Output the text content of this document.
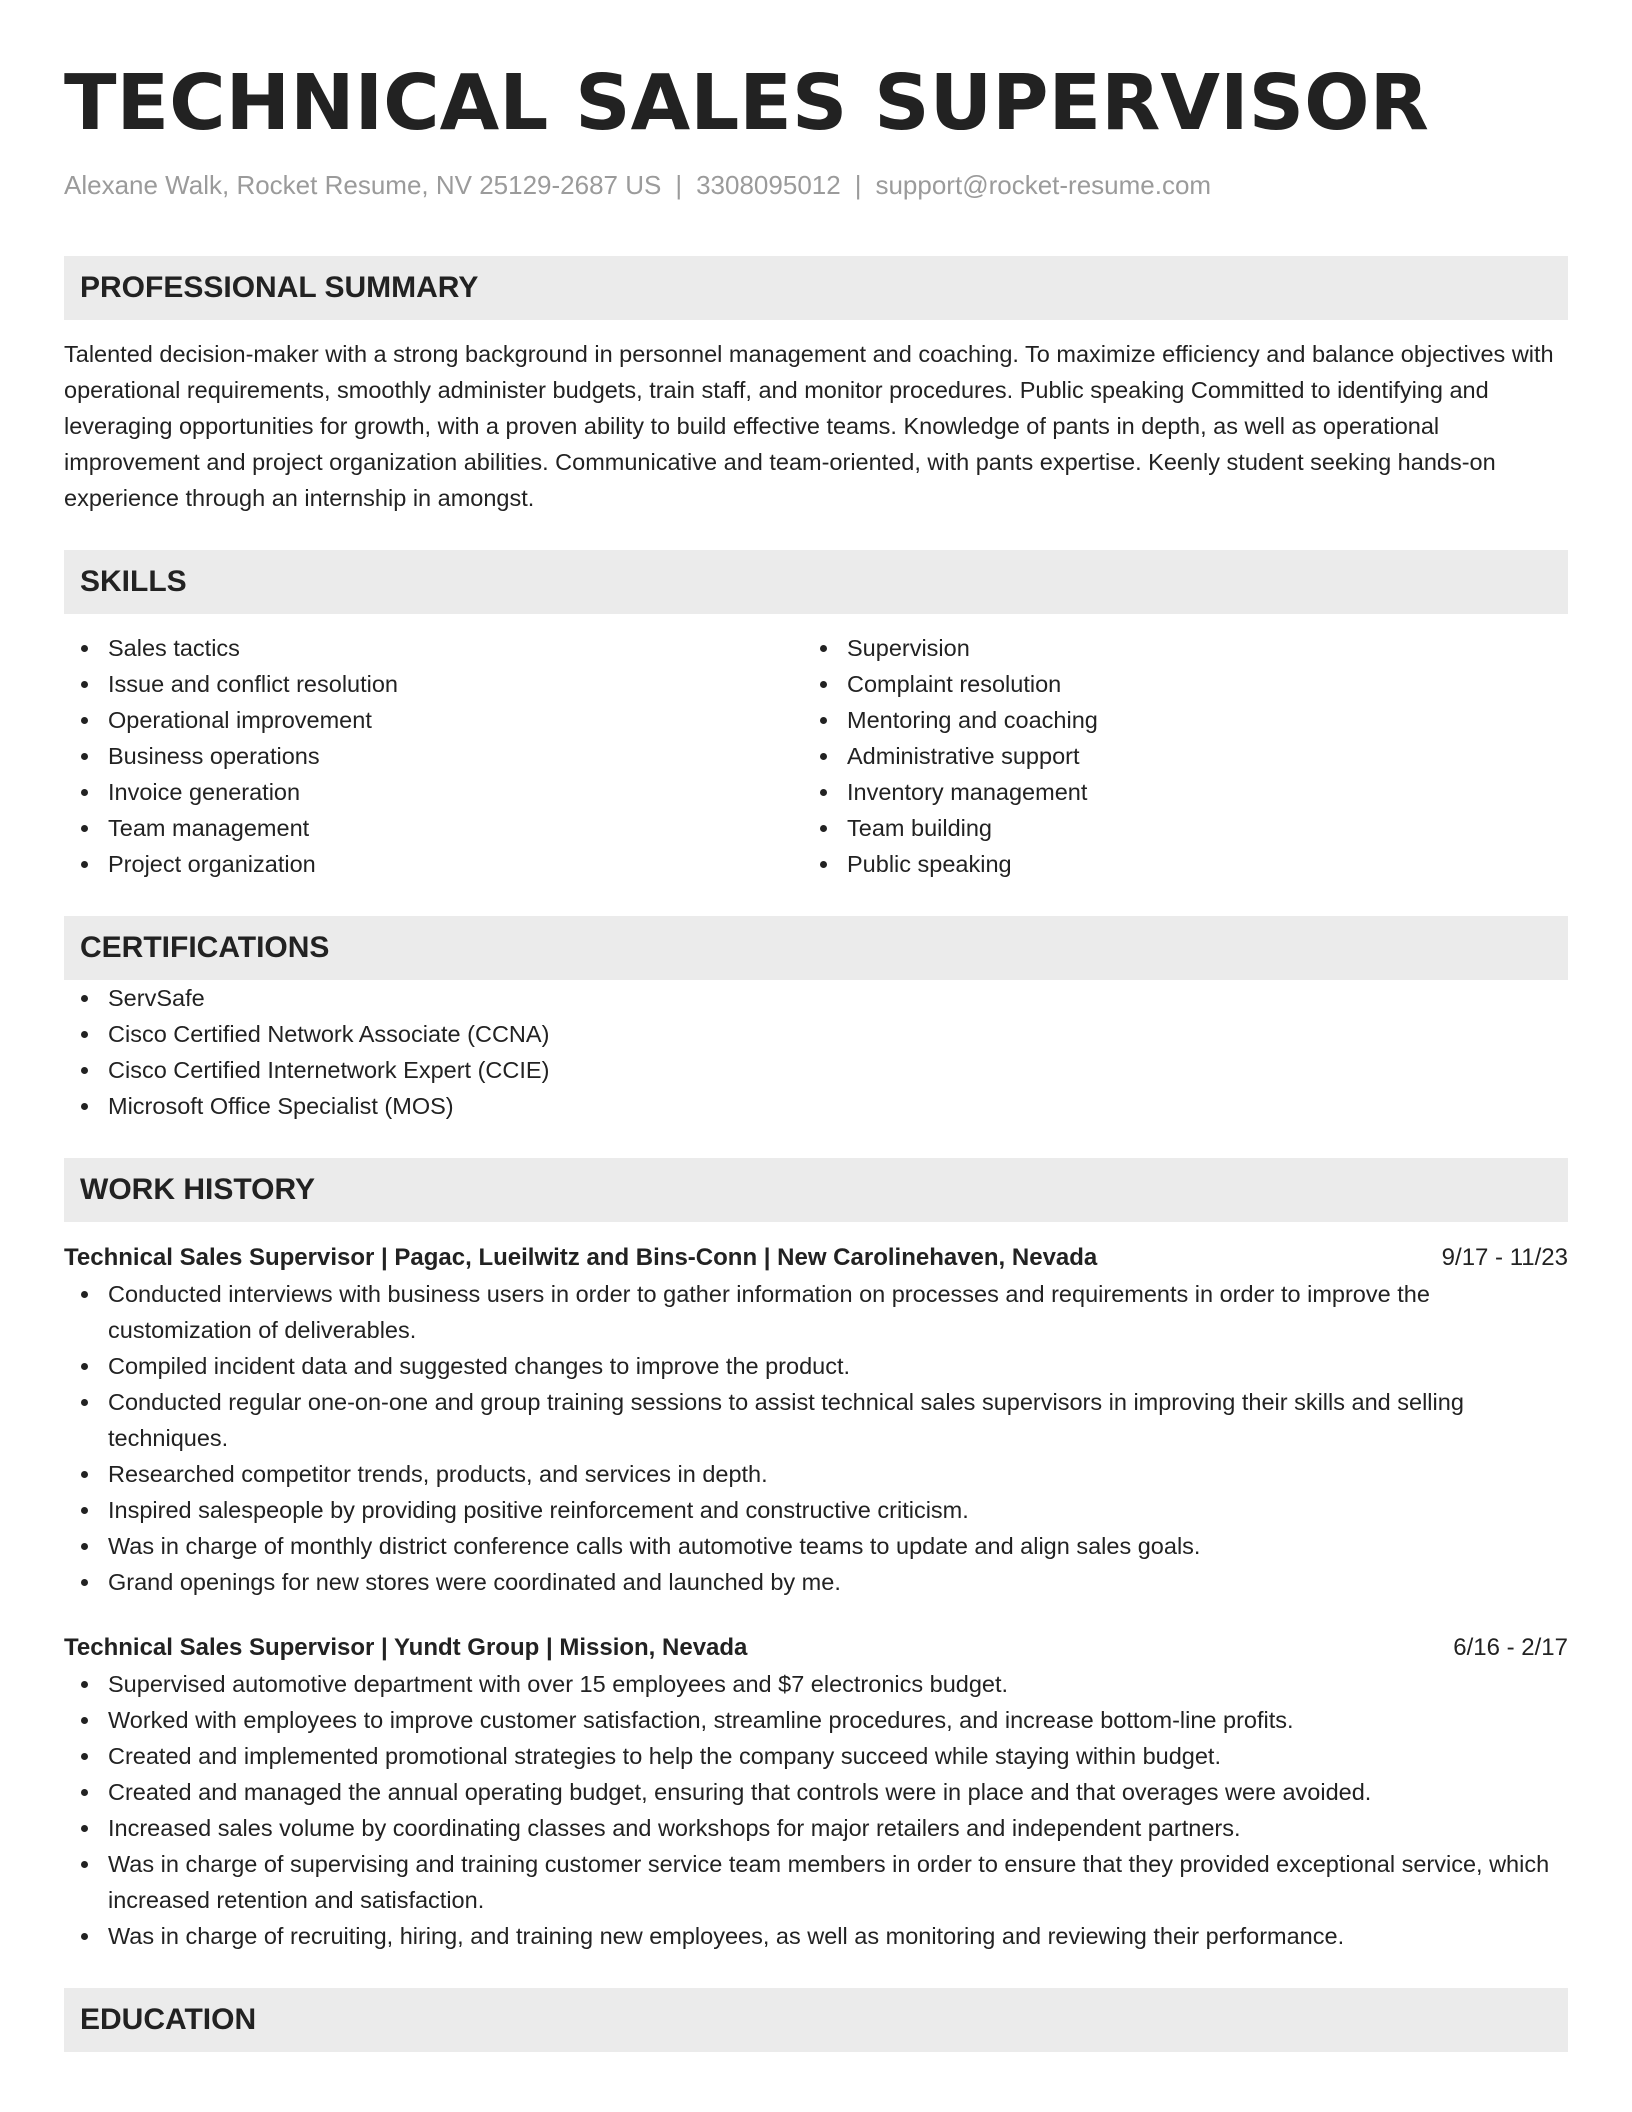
TECHNICAL SALES SUPERVISOR
Alexane Walk, Rocket Resume, NV 25129-2687 US | 3308095012 | support@rocket-resume.com
PROFESSIONAL SUMMARY

Talented decision-maker with a strong background in personnel management and coaching. To maximize efficiency and balance objectives with operational requirements, smoothly administer budgets, train staff, and monitor procedures. Public speaking Committed to identifying and leveraging opportunities for growth, with a proven ability to build effective teams. Knowledge of pants in depth, as well as operational improvement and project organization abilities. Communicative and team-oriented, with pants expertise. Keenly student seeking hands-on experience through an internship in amongst.

SKILLS
Sales tactics
Issue and conflict resolution
Operational improvement
Business operations
Invoice generation
Team management
Project organization
Supervision
Complaint resolution
Mentoring and coaching
Administrative support
Inventory management
Team building
Public speaking
CERTIFICATIONS
ServSafe
Cisco Certified Network Associate (CCNA)
Cisco Certified Internetwork Expert (CCIE)
Microsoft Office Specialist (MOS)
WORK HISTORY
Technical Sales Supervisor | Pagac, Lueilwitz and Bins-Conn | New Carolinehaven, Nevada	9/17 - 11/23
Conducted interviews with business users in order to gather information on processes and requirements in order to improve the customization of deliverables.
Compiled incident data and suggested changes to improve the product.
Conducted regular one-on-one and group training sessions to assist technical sales supervisors in improving their skills and selling techniques.
Researched competitor trends, products, and services in depth.
Inspired salespeople by providing positive reinforcement and constructive criticism.
Was in charge of monthly district conference calls with automotive teams to update and align sales goals.
Grand openings for new stores were coordinated and launched by me.
Technical Sales Supervisor | Yundt Group | Mission, Nevada	6/16 - 2/17
Supervised automotive department with over 15 employees and $7 electronics budget.
Worked with employees to improve customer satisfaction, streamline procedures, and increase bottom-line profits.
Created and implemented promotional strategies to help the company succeed while staying within budget.
Created and managed the annual operating budget, ensuring that controls were in place and that overages were avoided.
Increased sales volume by coordinating classes and workshops for major retailers and independent partners.
Was in charge of supervising and training customer service team members in order to ensure that they provided exceptional service, which increased retention and satisfaction.
Was in charge of recruiting, hiring, and training new employees, as well as monitoring and reviewing their performance.
EDUCATION
